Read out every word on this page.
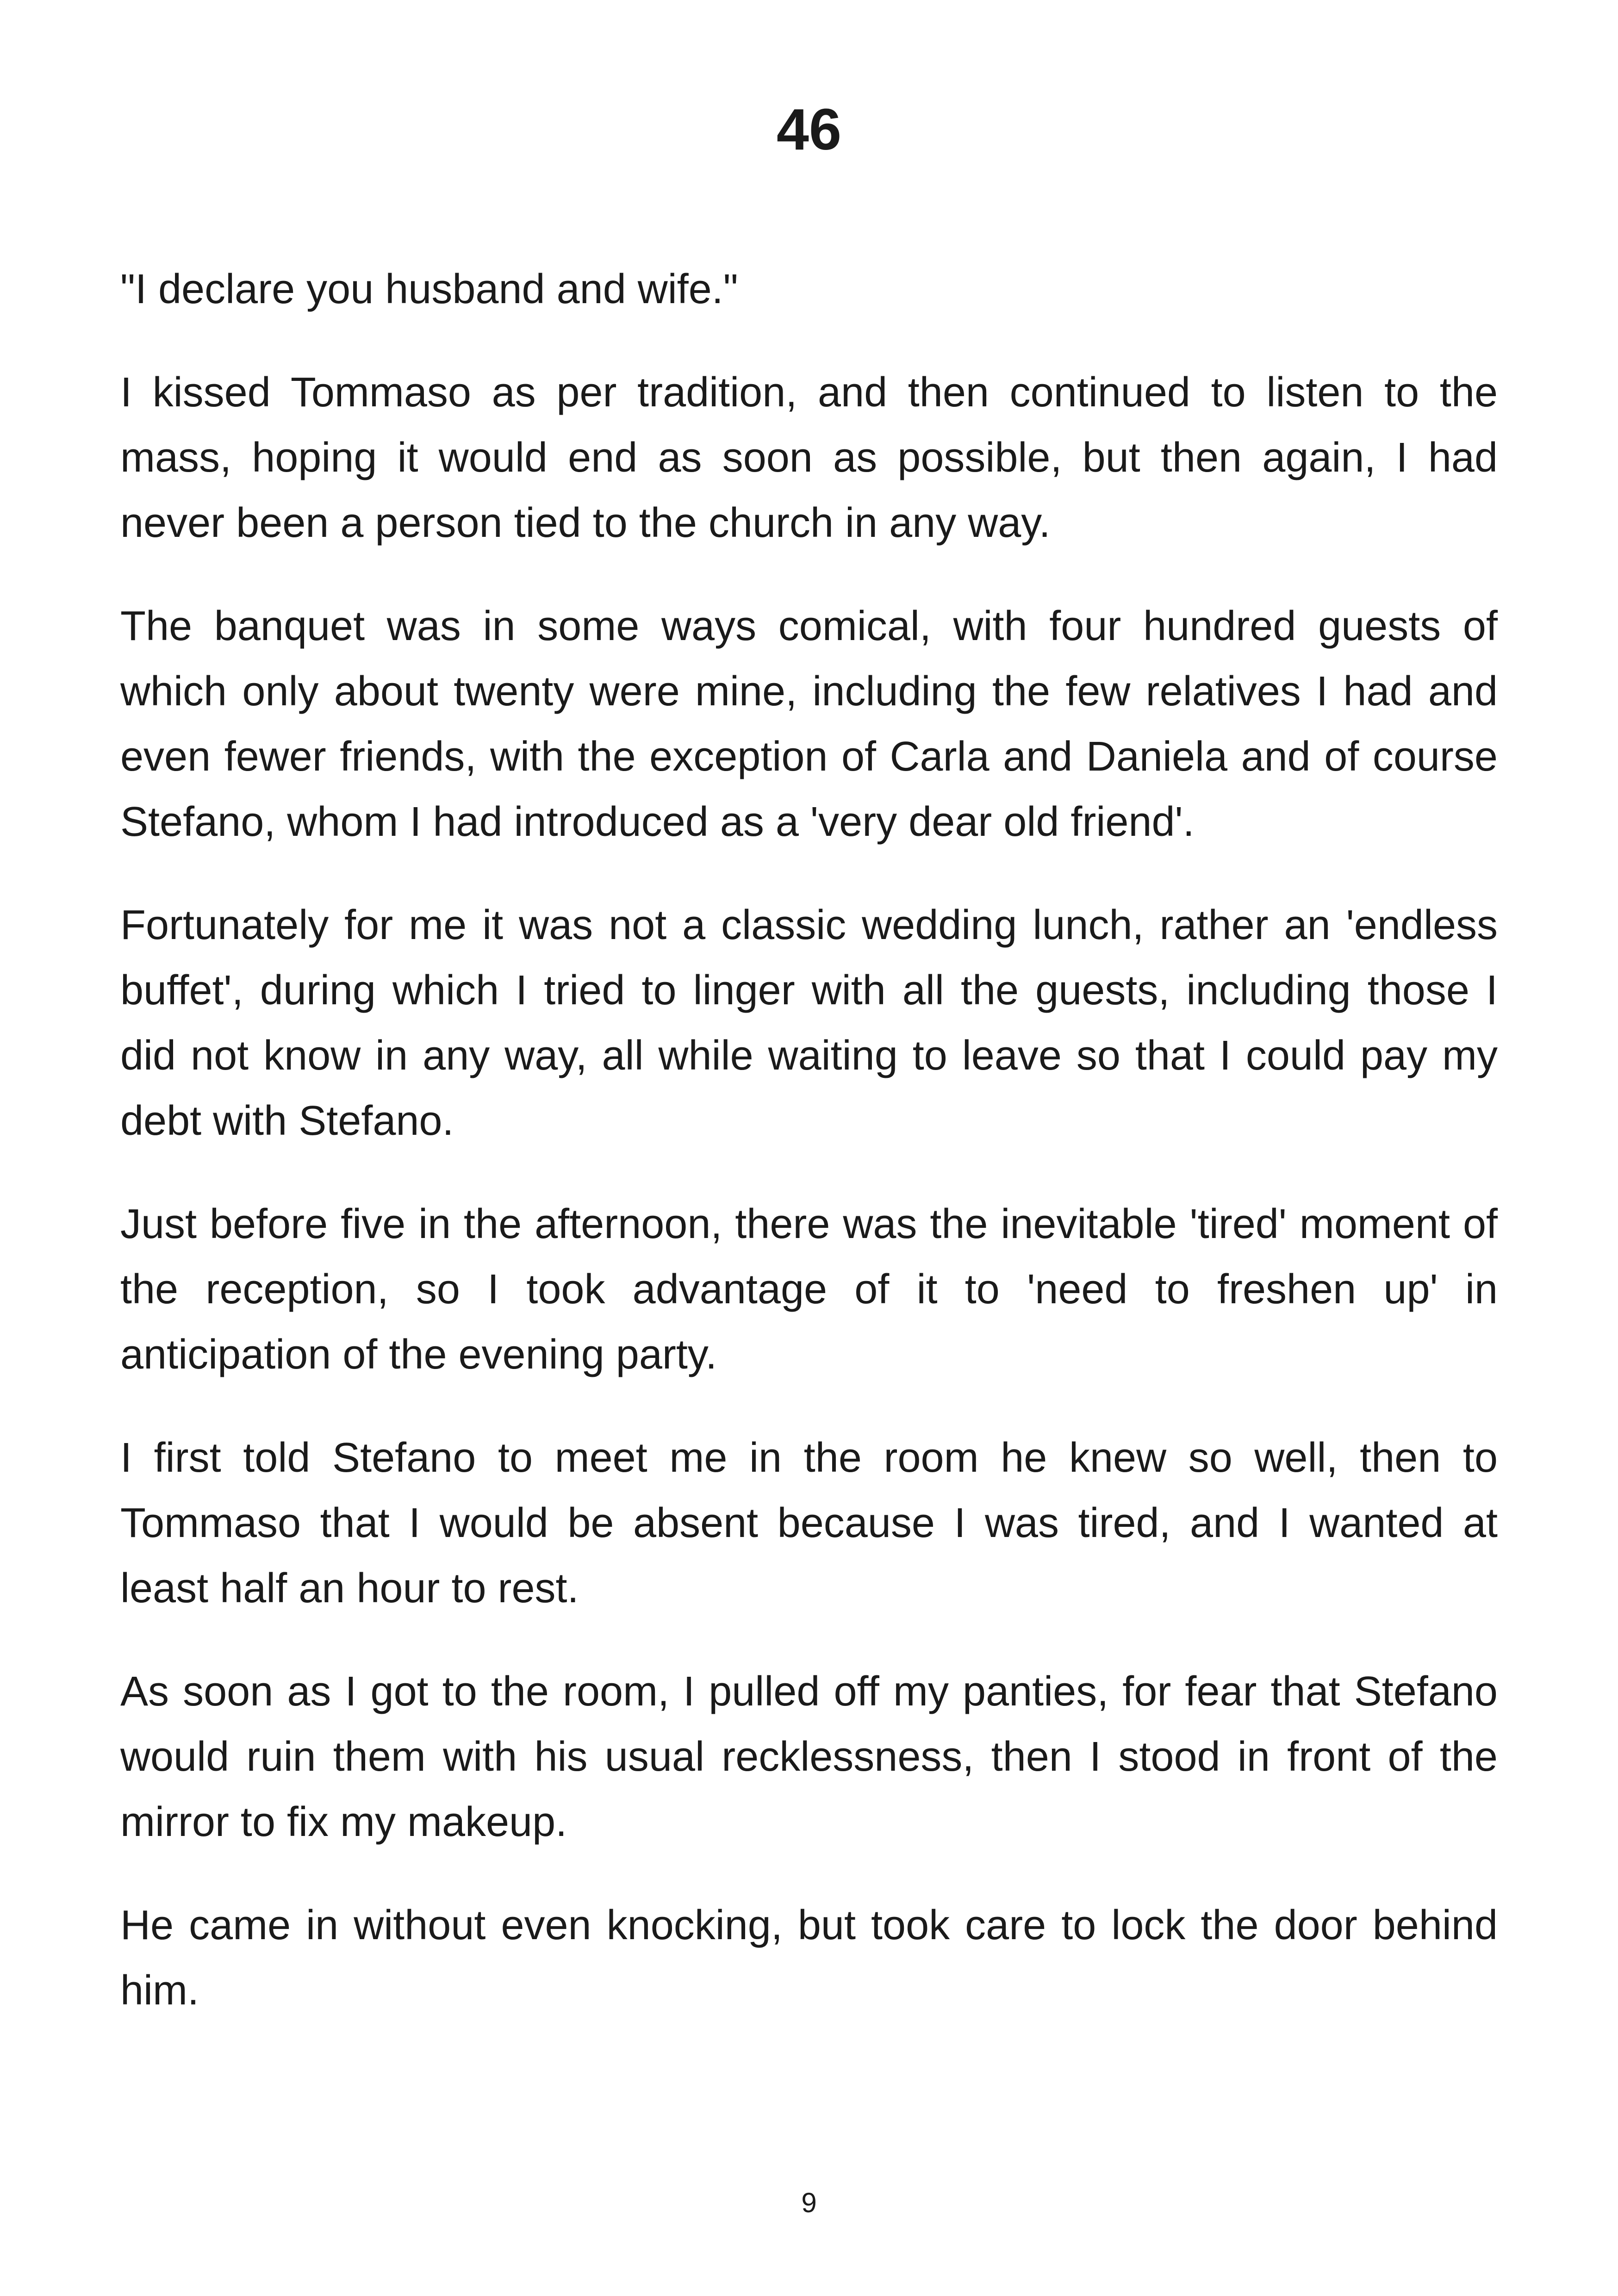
46

"I declare you husband and wife."

I kissed Tommaso as per tradition, and then continued to listen to the mass, hoping it would end as soon as possible, but then again, I had never been a person tied to the church in any way.

The banquet was in some ways comical, with four hundred guests of which only about twenty were mine, including the few relatives I had and even fewer friends, with the exception of Carla and Daniela and of course Stefano, whom I had introduced as a 'very dear old friend'.

Fortunately for me it was not a classic wedding lunch, rather an 'endless buffet', during which I tried to linger with all the guests, including those I did not know in any way, all while waiting to leave so that I could pay my debt with Stefano.

Just before five in the afternoon, there was the inevitable 'tired' moment of the reception, so I took advantage of it to 'need to freshen up' in anticipation of the evening party.

I first told Stefano to meet me in the room he knew so well, then to Tommaso that I would be absent because I was tired, and I wanted at least half an hour to rest.

As soon as I got to the room, I pulled off my panties, for fear that Stefano would ruin them with his usual recklessness, then I stood in front of the mirror to fix my makeup.

He came in without even knocking, but took care to lock the door behind him.

9
